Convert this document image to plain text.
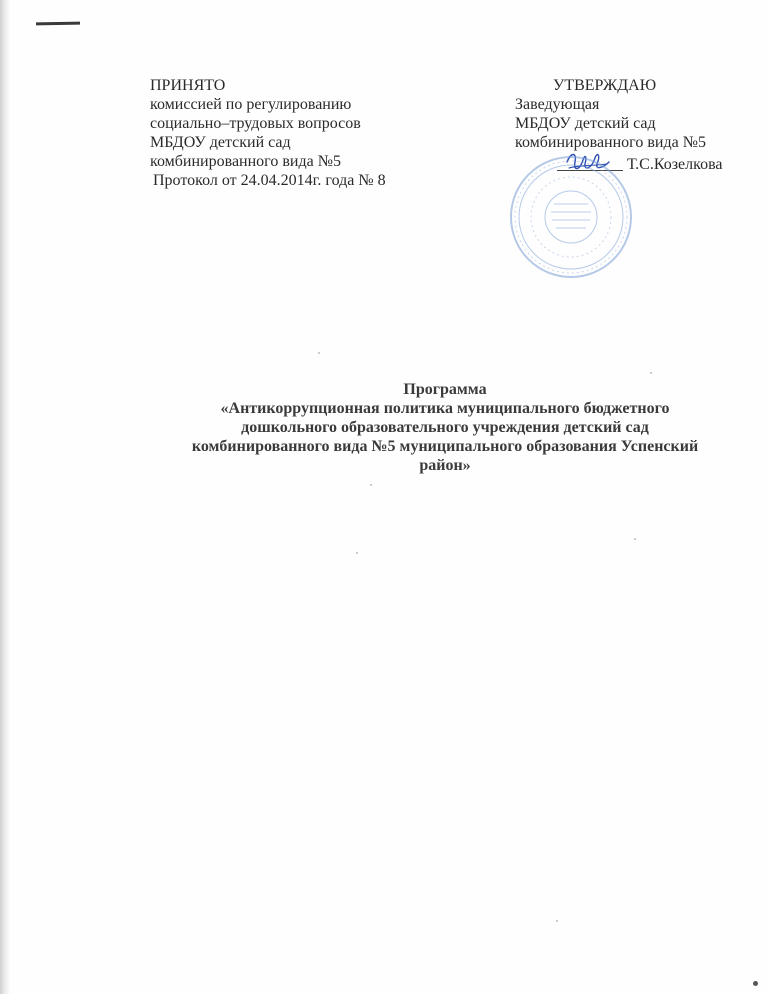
ПРИНЯТО
комиссией по регулированию
социально–трудовых вопросов
МБДОУ детский сад
комбинированного вида №5
Протокол от 24.04.2014г. года № 8
УТВЕРЖДАЮ
Заведующая
МБДОУ детский сад
комбинированного вида №5
Т.С.Козелкова
Программа
«Антикоррупционная политика муниципального бюджетного
дошкольного образовательного учреждения детский сад
комбинированного вида №5 муниципального образования Успенский
район»
